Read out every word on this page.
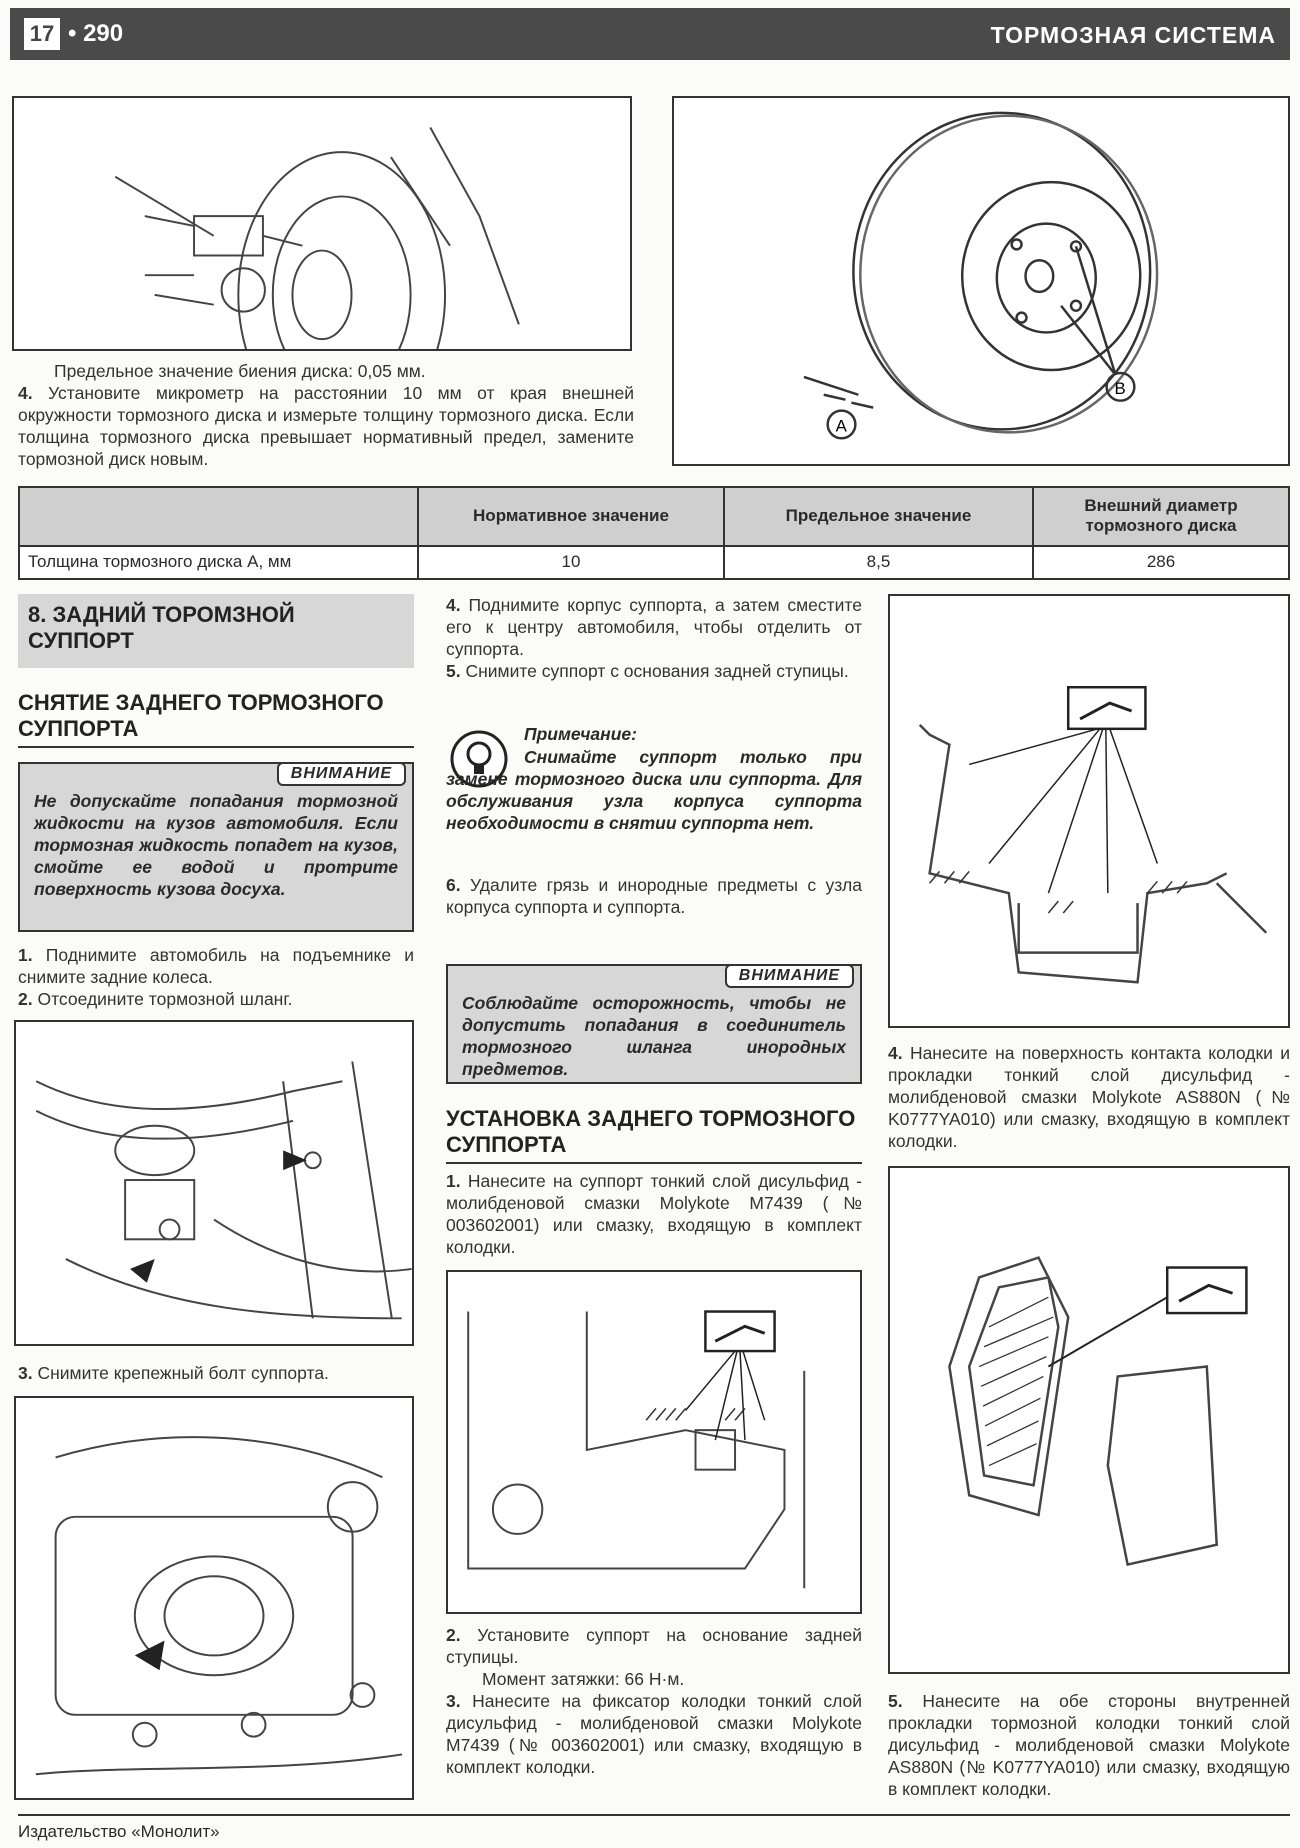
17 • 290	ТОРМОЗНАЯ СИСТЕМА
A
B

Предельное значение биения диска: 0,05 мм.

4. Установите микрометр на расстоянии 10 мм от края внешней окружности тормозного диска и измерьте толщину тормозного диска. Если толщина тормозного диска превышает нормативный предел, замените тормозной диск новым.

	Нормативное значение	Предельное значение	Внешний диаметр тормозного диска
Толщина тормозного диска А, мм	10	8,5	286
8. ЗАДНИЙ ТОРОМЗНОЙ СУППОРТ
СНЯТИЕ ЗАДНЕГО ТОРМОЗНОГО СУППОРТА
ВНИМАНИЕ
Не допускайте попадания тормозной жидкости на кузов автомобиля. Если тормозная жидкость попадет на кузов, смойте ее водой и протрите поверхность кузова досуха.

1. Поднимите автомобиль на подъемнике и снимите задние колеса.

2. Отсоедините тормозной шланг.

3. Снимите крепежный болт суппорта.

4. Поднимите корпус суппорта, а затем сместите его к центру автомобиля, чтобы отделить от суппорта.

5. Снимите суппорт с основания задней ступицы.

Примечание:
Снимайте суппорт только при замене тормозного диска или суппорта. Для обслуживания узла корпуса суппорта необходимости в снятии суппорта нет.

6. Удалите грязь и инородные предметы с узла корпуса суппорта и суппорта.

ВНИМАНИЕ
Соблюдайте осторожность, чтобы не допустить попадания в соединитель тормозного шланга инородных предметов.
УСТАНОВКА ЗАДНЕГО ТОРМОЗНОГО СУППОРТА

1. Нанесите на суппорт тонкий слой дисульфид - молибденовой смазки Molykote M7439 (№ 003602001) или смазку, входящую в комплект колодки.

2. Установите суппорт на основание задней ступицы.

Момент затяжки: 66 Н·м.

3. Нанесите на фиксатор колодки тонкий слой дисульфид - молибденовой смазки Molykote M7439 (№ 003602001) или смазку, входящую в комплект колодки.

4. Нанесите на поверхность контакта колодки и прокладки тонкий слой дисульфид - молибденовой смазки Molykote AS880N (№ K0777YA010) или смазку, входящую в комплект колодки.

5. Нанесите на обе стороны внутренней прокладки тормозной колодки тонкий слой дисульфид - молибденовой смазки Molykote AS880N (№ K0777YA010) или смазку, входящую в комплект колодки.

Издательство «Монолит»
